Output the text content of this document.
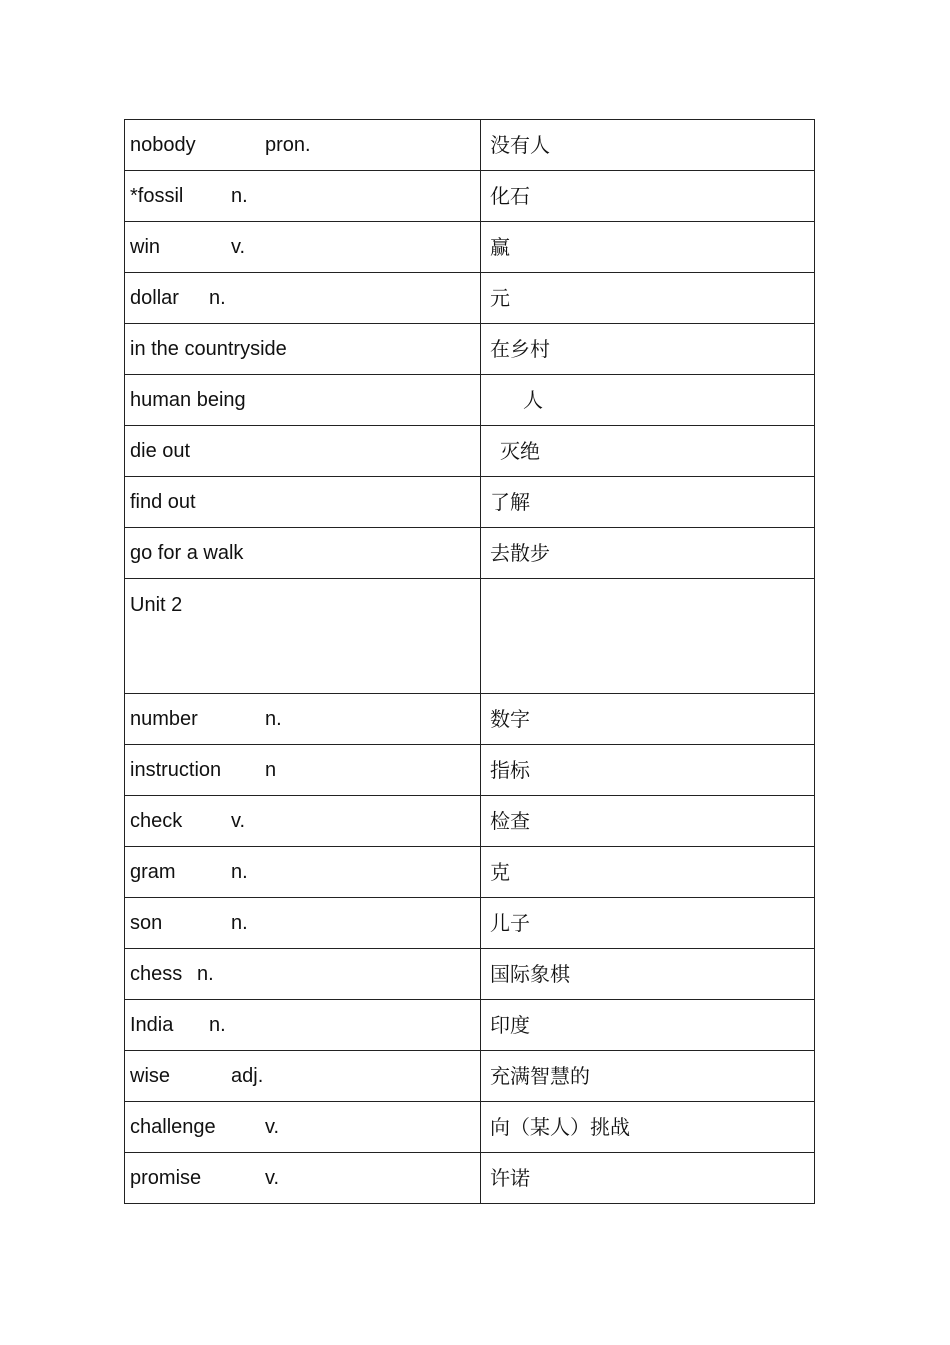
nobody pron.	没有人

*fossil n.	化石

win v.	赢

dollar n.	元

in the countryside	在乡村

human being	人

die out	灭绝

find out	了解

go for a walk	去散步

Unit 2	

number n.	数字

instruction n	指标

check v.	检查

gram n.	克

son n.	儿子

chess n.	国际象棋

India n.	印度

wise adj.	充满智慧的

challenge v.	向（某人）挑战

promise v.	许诺
